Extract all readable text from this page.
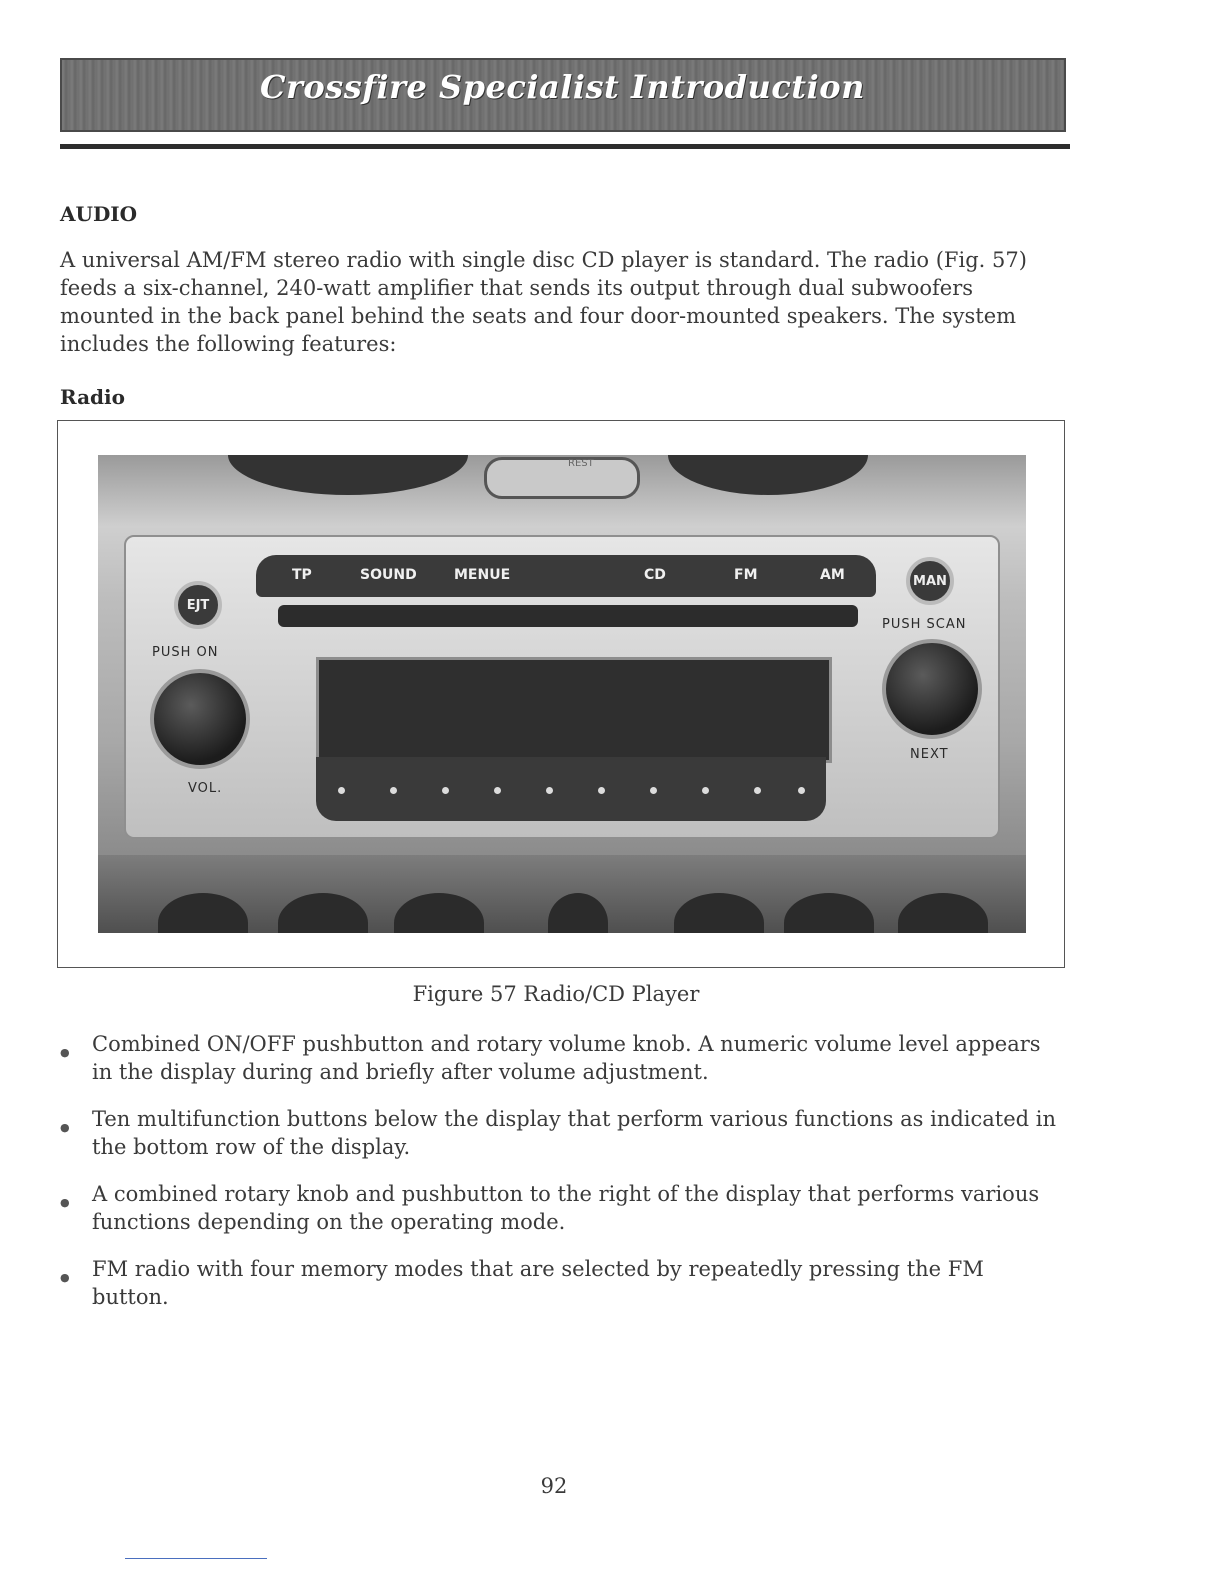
Crossfire Specialist Introduction
AUDIO

A universal AM/FM stereo radio with single disc CD player is standard. The radio (Fig. 57) feeds a six-channel, 240-watt amplifier that sends its output through dual subwoofers mounted in the back panel behind the seats and four door-mounted speakers. The system includes the following features:

Radio
REST
TP	SOUND	MENUE	CD	FM	AM
EJT
MAN
PUSH ON
PUSH SCAN
VOL.
NEXT
Figure 57 Radio/CD Player
● Combined ON/OFF pushbutton and rotary volume knob. A numeric volume level appears in the display during and briefly after volume adjustment.
● Ten multifunction buttons below the display that perform various functions as indicated in the bottom row of the display.
● A combined rotary knob and pushbutton to the right of the display that performs various functions depending on the operating mode.
● FM radio with four memory modes that are selected by repeatedly pressing the FM button.
92
